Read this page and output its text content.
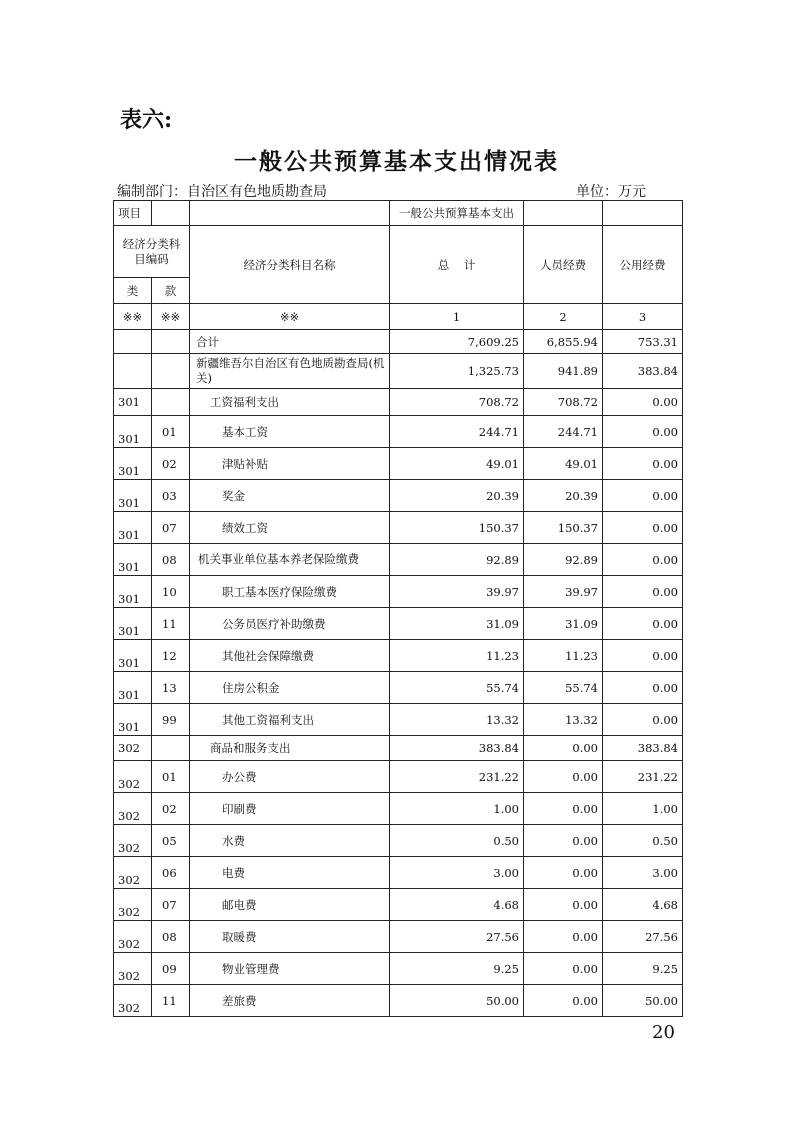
表六:
一般公共预算基本支出情况表
编制部门：自治区有色地质勘查局	单位：万元
项目			一般公共预算基本支出		
经济分类科目编码		经济分类科目名称	总    计	人员经费	公用经费
类	款				
※※	※※	※※	1	2	3
		合计	7,609.25	6,855.94	753.31
		新疆维吾尔自治区有色地质勘查局(机关)	1,325.73	941.89	383.84
301		工资福利支出	708.72	708.72	0.00
301	01	基本工资	244.71	244.71	0.00
301	02	津贴补贴	49.01	49.01	0.00
301	03	奖金	20.39	20.39	0.00
301	07	绩效工资	150.37	150.37	0.00
301	08	机关事业单位基本养老保险缴费	92.89	92.89	0.00
301	10	职工基本医疗保险缴费	39.97	39.97	0.00
301	11	公务员医疗补助缴费	31.09	31.09	0.00
301	12	其他社会保障缴费	11.23	11.23	0.00
301	13	住房公积金	55.74	55.74	0.00
301	99	其他工资福利支出	13.32	13.32	0.00
302		商品和服务支出	383.84	0.00	383.84
302	01	办公费	231.22	0.00	231.22
302	02	印刷费	1.00	0.00	1.00
302	05	水费	0.50	0.00	0.50
302	06	电费	3.00	0.00	3.00
302	07	邮电费	4.68	0.00	4.68
302	08	取暖费	27.56	0.00	27.56
302	09	物业管理费	9.25	0.00	9.25
302	11	差旅费	50.00	0.00	50.00
20
